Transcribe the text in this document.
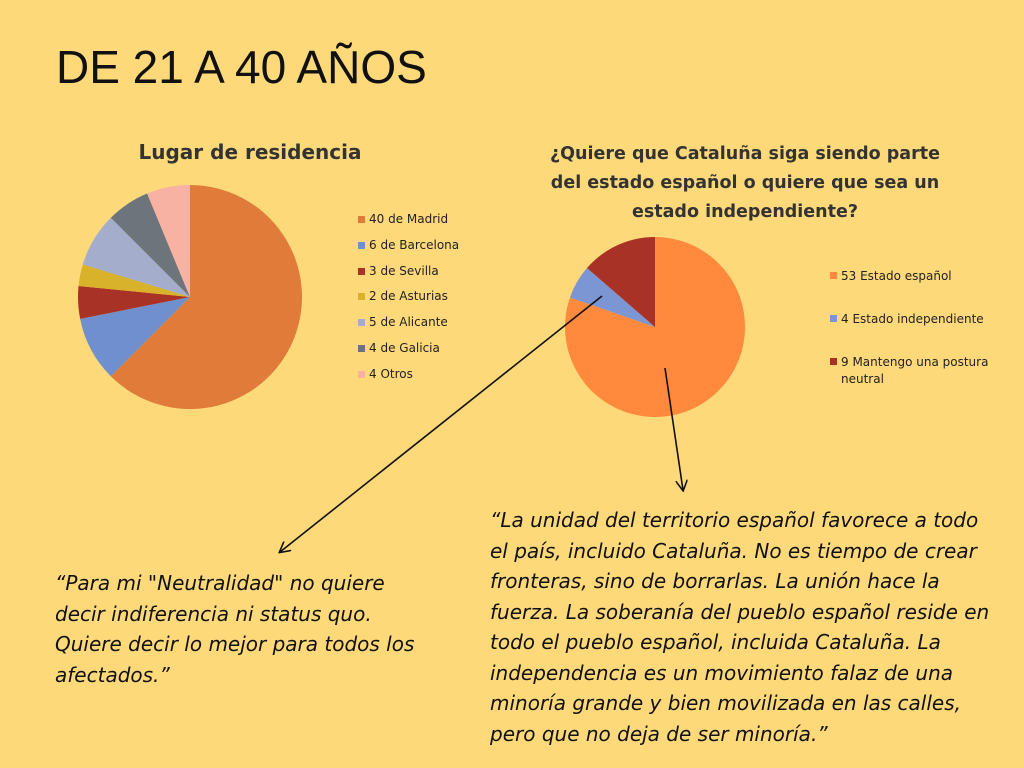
DE 21 A 40 AÑOS
Lugar de residencia	¿Quiere que Cataluña siga siendo parte del estado español o quiere que sea un estado independiente?
40 de Madrid
6 de Barcelona
3 de Sevilla
2 de Asturias
5 de Alicante
4 de Galicia
4 Otros
53 Estado español
4 Estado independiente
9 Mantengo una postura neutral
“Para mi "Neutralidad" no quiere decir indiferencia ni status quo. Quiere decir lo mejor para todos los afectados.”
“La unidad del territorio español favorece a todo el país, incluido Cataluña. No es tiempo de crear fronteras, sino de borrarlas. La unión hace la fuerza. La soberanía del pueblo español reside en todo el pueblo español, incluida Cataluña. La independencia es un movimiento falaz de una minoría grande y bien movilizada en las calles, pero que no deja de ser minoría.”
